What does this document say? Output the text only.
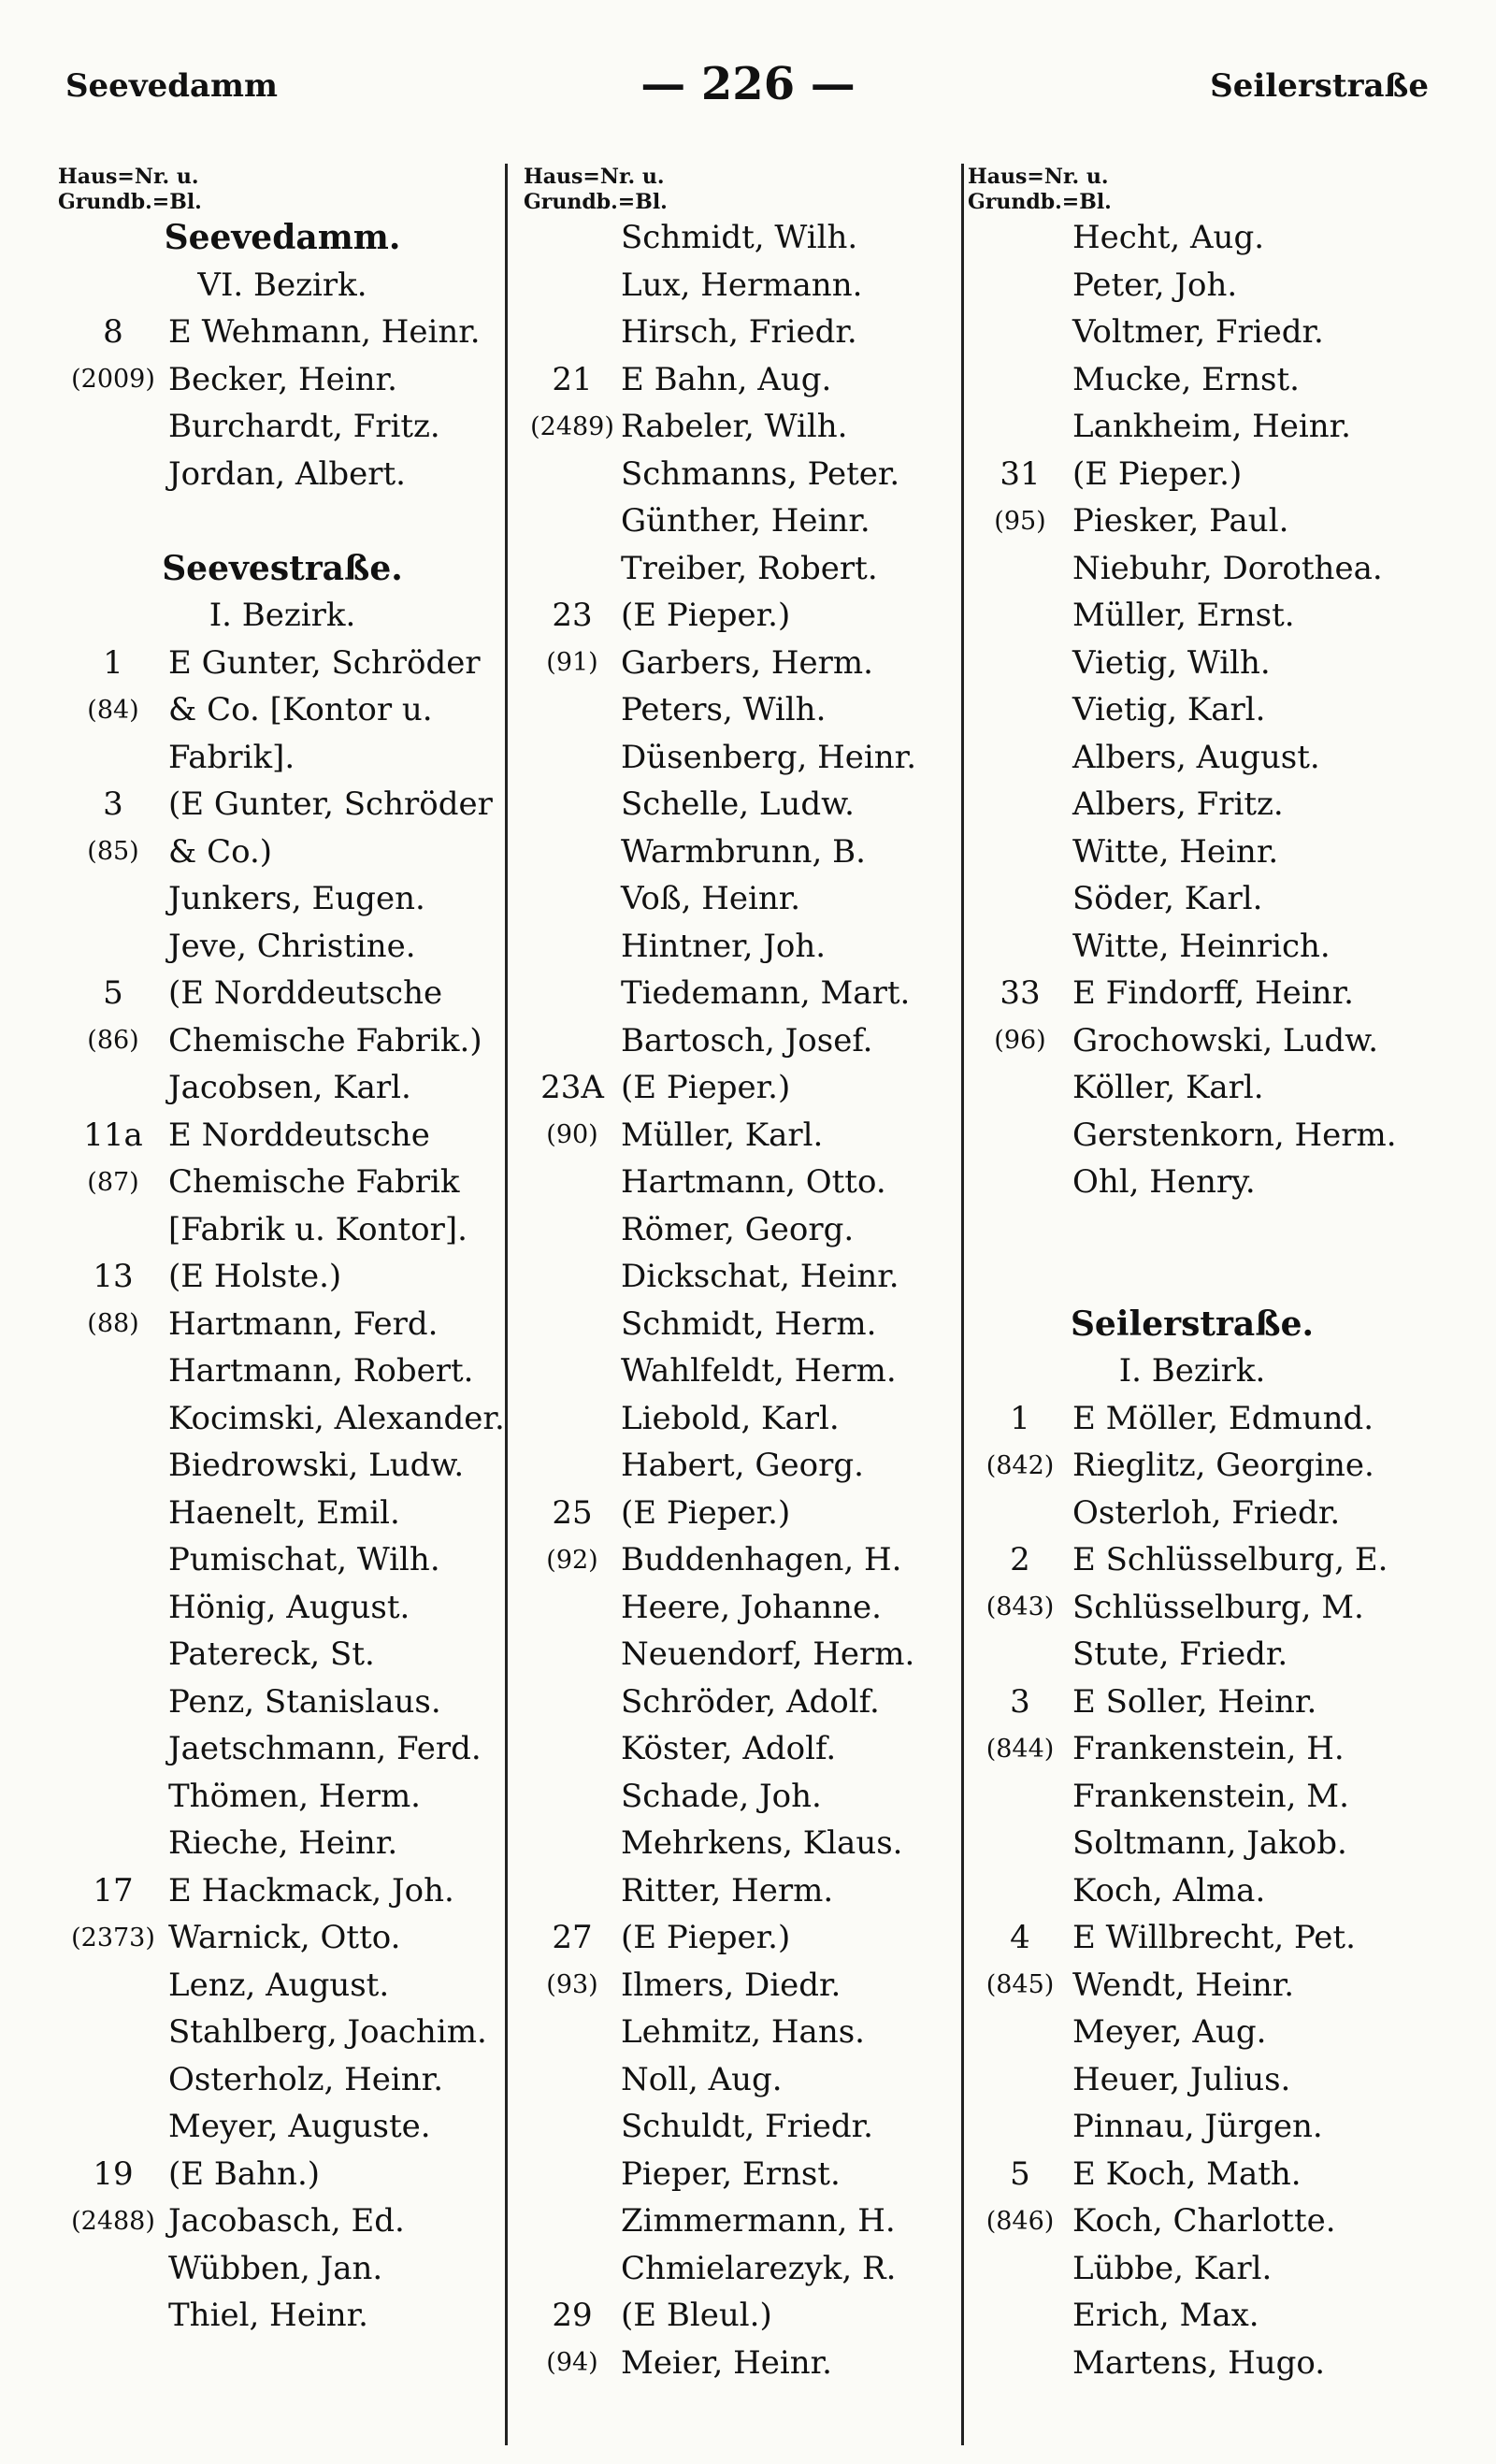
Seevedamm	— 226 —	Seilerstraße
Haus=Nr. u.
Grundb.=Bl.
Seevedamm.
VI. Bezirk.
8	E Wehmann, Heinr.
(2009) Becker, Heinr.
Burchardt, Fritz.
Jordan, Albert.
Seevestraße.
I. Bezirk.
1	E Gunter, Schröder
(84) & Co. [Kontor u.
Fabrik].
3	(E Gunter, Schröder
(85) & Co.)
Junkers, Eugen.
Jeve, Christine.
5	(E Norddeutsche
(86) Chemische Fabrik.)
Jacobsen, Karl.
11a E Norddeutsche
(87) Chemische Fabrik
[Fabrik u. Kontor].
13	(E Holste.)
(88) Hartmann, Ferd.
Hartmann, Robert.
Kocimski, Alexander.
Biedrowski, Ludw.
Haenelt, Emil.
Pumischat, Wilh.
Hönig, August.
Patereck, St.
Penz, Stanislaus.
Jaetschmann, Ferd.
Thömen, Herm.
Rieche, Heinr.
17	E Hackmack, Joh.
(2373) Warnick, Otto.
Lenz, August.
Stahlberg, Joachim.
Osterholz, Heinr.
Meyer, Auguste.
19	(E Bahn.)
(2488) Jacobasch, Ed.
Wübben, Jan.
Thiel, Heinr.
Haus=Nr. u.
Grundb.=Bl.
Schmidt, Wilh.
Lux, Hermann.
Hirsch, Friedr.
21 E Bahn, Aug.
(2489) Rabeler, Wilh.
Schmanns, Peter.
Günther, Heinr.
Treiber, Robert.
23 (E Pieper.)
(91) Garbers, Herm.
Peters, Wilh.
Düsenberg, Heinr.
Schelle, Ludw.
Warmbrunn, B.
Voß, Heinr.
Hintner, Joh.
Tiedemann, Mart.
Bartosch, Josef.
23A (E Pieper.)
(90) Müller, Karl.
Hartmann, Otto.
Römer, Georg.
Dickschat, Heinr.
Schmidt, Herm.
Wahlfeldt, Herm.
Liebold, Karl.
Habert, Georg.
25 (E Pieper.)
(92) Buddenhagen, H.
Heere, Johanne.
Neuendorf, Herm.
Schröder, Adolf.
Köster, Adolf.
Schade, Joh.
Mehrkens, Klaus.
Ritter, Herm.
27 (E Pieper.)
(93) Ilmers, Diedr.
Lehmitz, Hans.
Noll, Aug.
Schuldt, Friedr.
Pieper, Ernst.
Zimmermann, H.
Chmielarezyk, R.
29 (E Bleul.)
(94) Meier, Heinr.
Haus=Nr. u.
Grundb.=Bl.
Hecht, Aug.
Peter, Joh.
Voltmer, Friedr.
Mucke, Ernst.
Lankheim, Heinr.
31	(E Pieper.)
(95) Piesker, Paul.
Niebuhr, Dorothea.
Müller, Ernst.
Vietig, Wilh.
Vietig, Karl.
Albers, August.
Albers, Fritz.
Witte, Heinr.
Söder, Karl.
Witte, Heinrich.
33	E Findorff, Heinr.
(96) Grochowski, Ludw.
Köller, Karl.
Gerstenkorn, Herm.
Ohl, Henry.
Seilerstraße.
I. Bezirk.
1	E Möller, Edmund.
(842) Rieglitz, Georgine.
Osterloh, Friedr.
2	E Schlüsselburg, E.
(843) Schlüsselburg, M.
Stute, Friedr.
3	E Soller, Heinr.
(844) Frankenstein, H.
Frankenstein, M.
Soltmann, Jakob.
Koch, Alma.
4	E Willbrecht, Pet.
(845) Wendt, Heinr.
Meyer, Aug.
Heuer, Julius.
Pinnau, Jürgen.
5	E Koch, Math.
(846) Koch, Charlotte.
Lübbe, Karl.
Erich, Max.
Martens, Hugo.
